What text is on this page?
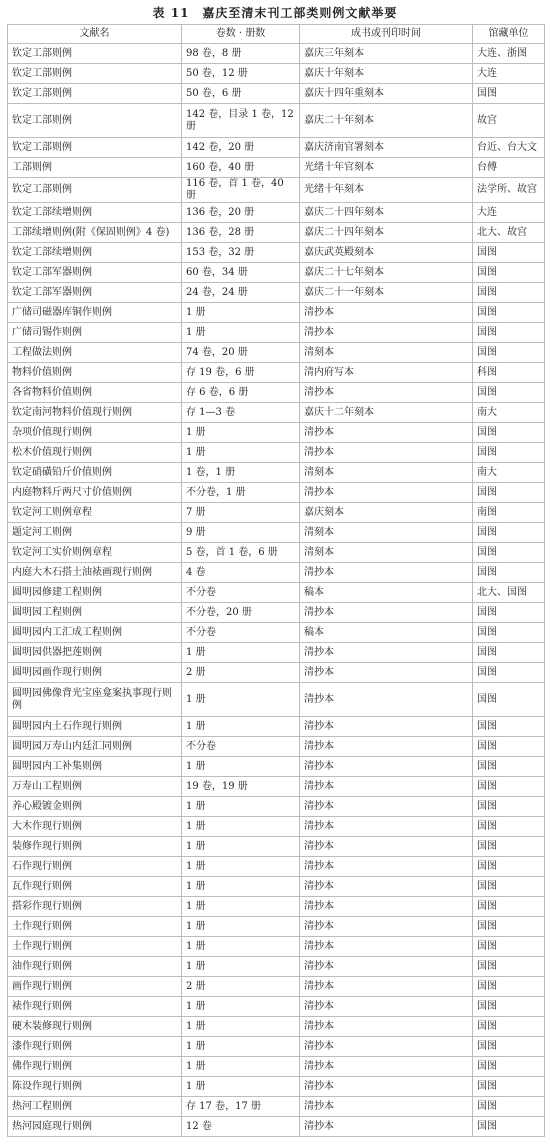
表 11　嘉庆至清末刊工部类则例文献举要
文献名	卷数 · 册数	成书或刊印时间	馆藏单位
钦定工部则例	98 卷，8 册	嘉庆三年刻本	大连、浙图
钦定工部则例	50 卷，12 册	嘉庆十年刻本	大连
钦定工部则例	50 卷，6 册	嘉庆十四年重刻本	国图
钦定工部则例	142 卷，目录 1 卷，12 册	嘉庆二十年刻本	故宫
钦定工部则例	142 卷，20 册	嘉庆济南官署刻本	台近、台大文
工部则例	160 卷，40 册	光绪十年官刻本	台傅
钦定工部则例	116 卷，首 1 卷，40 册	光绪十年刻本	法学所、故宫
钦定工部续增则例	136 卷，20 册	嘉庆二十四年刻本	大连
工部续增则例(附《保固则例》4 卷)	136 卷，28 册	嘉庆二十四年刻本	北大、故宫
钦定工部续增则例	153 卷，32 册	嘉庆武英殿刻本	国图
钦定工部军器则例	60 卷，34 册	嘉庆二十七年刻本	国图
钦定工部军器则例	24 卷，24 册	嘉庆二十一年刻本	国图
广储司磁器库铜作则例	1 册	清抄本	国图
广储司锡作则例	1 册	清抄本	国图
工程做法则例	74 卷，20 册	清刻本	国图
物料价值则例	存 19 卷，6 册	清内府写本	科图
各省物料价值则例	存 6 卷，6 册	清抄本	国图
钦定南河物料价值现行则例	存 1—3 卷	嘉庆十二年刻本	南大
杂项价值现行则例	1 册	清抄本	国图
松木价值现行则例	1 册	清抄本	国图
钦定硝磺铅斤价值则例	1 卷，1 册	清刻本	南大
内庭物料斤两尺寸价值则例	不分卷，1 册	清抄本	国图
钦定河工则例章程	7 册	嘉庆刻本	南图
题定河工则例	9 册	清刻本	国图
钦定河工实价则例章程	5 卷，首 1 卷，6 册	清刻本	国图
内庭大木石搭土油裱画现行则例	4 卷	清抄本	国图
圆明园修建工程则例	不分卷	稿本	北大、国图
圆明园工程则例	不分卷，20 册	清抄本	国图
圆明园内工汇成工程则例	不分卷	稿本	国图
圆明园供器把莲则例	1 册	清抄本	国图
圆明园画作现行则例	2 册	清抄本	国图
圆明园佛像背光宝座龛案执事现行则例	1 册	清抄本	国图
圆明园内土石作现行则例	1 册	清抄本	国图
圆明园万寿山内廷汇同则例	不分卷	清抄本	国图
圆明园内工补集则例	1 册	清抄本	国图
万寿山工程则例	19 卷，19 册	清抄本	国图
养心殿镀金则例	1 册	清抄本	国图
大木作现行则例	1 册	清抄本	国图
装修作现行则例	1 册	清抄本	国图
石作现行则例	1 册	清抄本	国图
瓦作现行则例	1 册	清抄本	国图
搭彩作现行则例	1 册	清抄本	国图
土作现行则例	1 册	清抄本	国图
土作现行则例	1 册	清抄本	国图
油作现行则例	1 册	清抄本	国图
画作现行则例	2 册	清抄本	国图
裱作现行则例	1 册	清抄本	国图
硬木装修现行则例	1 册	清抄本	国图
漆作现行则例	1 册	清抄本	国图
佛作现行则例	1 册	清抄本	国图
陈设作现行则例	1 册	清抄本	国图
热河工程则例	存 17 卷，17 册	清抄本	国图
热河园庭现行则例	12 卷	清抄本	国图
